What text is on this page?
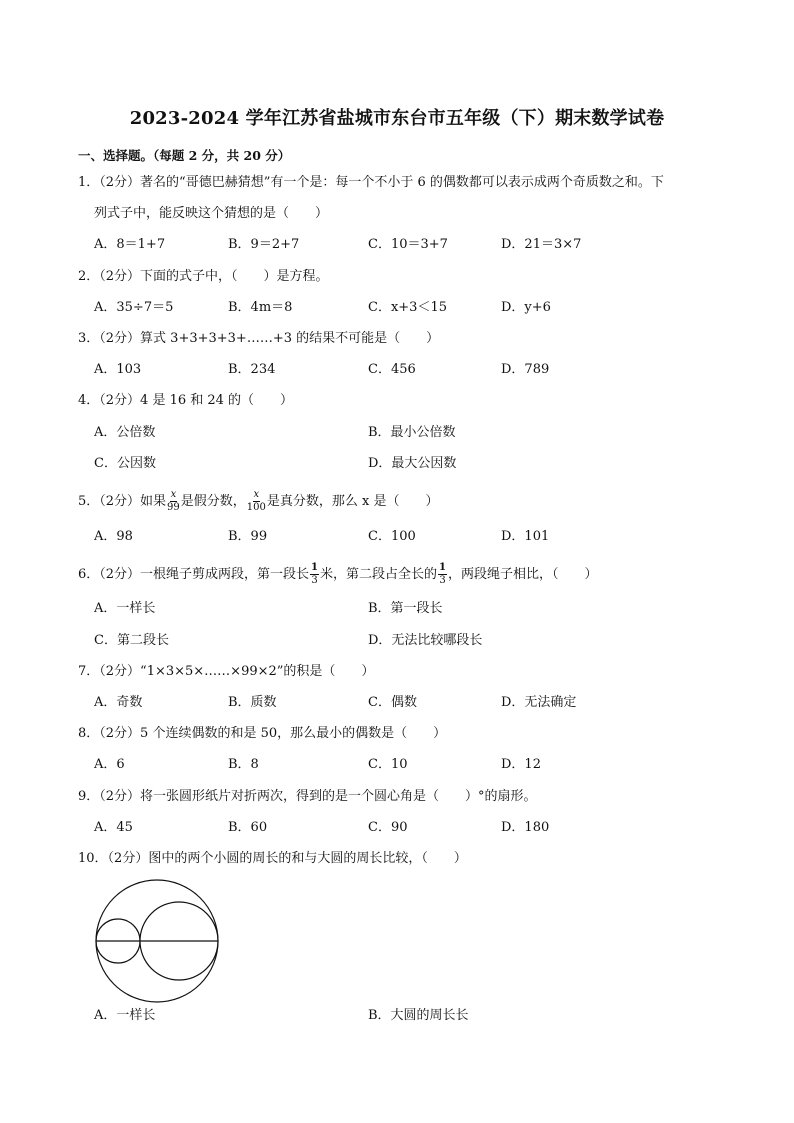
2023-2024 学年江苏省盐城市东台市五年级（下）期末数学试卷
一、选择题。（每题 2 分，共 20 分）
1．（2分）著名的“哥德巴赫猜想”有一个是：每一个不小于 6 的偶数都可以表示成两个奇质数之和。下
列式子中，能反映这个猜想的是（　　）
A．8＝1+7	B．9＝2+7	C．10＝3+7	D．21＝3×7
2．（2分）下面的式子中，（　　）是方程。
A．35÷7＝5	B．4m＝8	C．x+3＜15	D．y+6
3．（2分）算式 3+3+3+3+……+3 的结果不可能是（　　）
A．103	B．234	C．456	D．789
4．（2分）4 是 16 和 24 的（　　）
A．公倍数	B．最小公倍数
C．公因数	D．最大公因数
5．（2分）如果 $\frac{x}{99}$ 是假分数， $\frac{x}{100}$ 是真分数，那么 x 是（　　）
A．98	B．99	C．100	D．101
6．（2分）一根绳子剪成两段，第一段长 $\frac{1}{3}$ 米，第二段占全长的 $\frac{1}{3}$ ，两段绳子相比，（　　）
A．一样长	B．第一段长
C．第二段长	D．无法比较哪段长
7．（2分）“1×3×5×……×99×2”的积是（　　）
A．奇数	B．质数	C．偶数	D．无法确定
8．（2分）5 个连续偶数的和是 50，那么最小的偶数是（　　）
A．6	B．8	C．10	D．12
9．（2分）将一张圆形纸片对折两次，得到的是一个圆心角是（　　）°的扇形。
A．45	B．60	C．90	D．180
10．（2分）图中的两个小圆的周长的和与大圆的周长比较，（　　）
A．一样长	B．大圆的周长长
